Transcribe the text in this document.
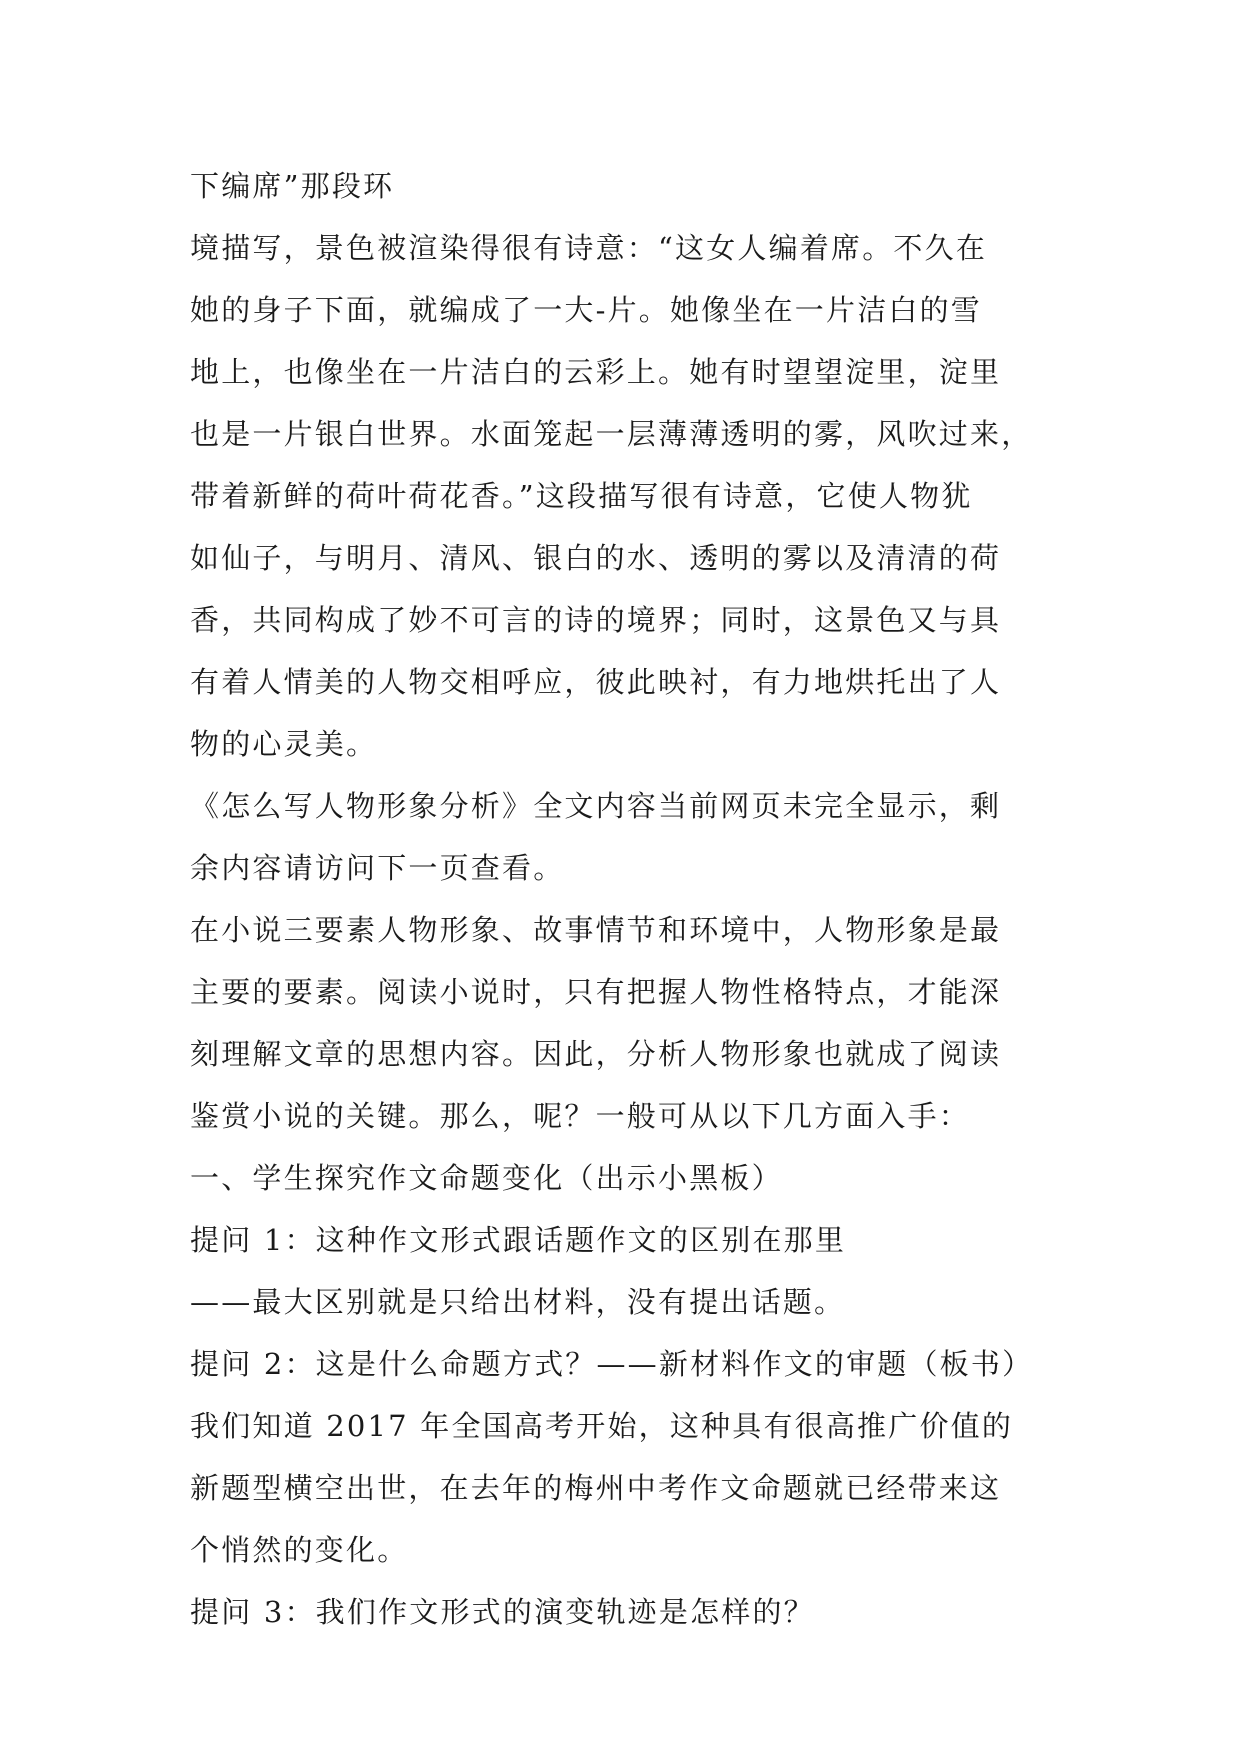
下编席”那段环
境描写，景色被渲染得很有诗意：“这女人编着席。不久在
她的身子下面，就编成了一大-片。她像坐在一片洁白的雪
地上，也像坐在一片洁白的云彩上。她有时望望淀里，淀里
也是一片银白世界。水面笼起一层薄薄透明的雾，风吹过来，
带着新鲜的荷叶荷花香。”这段描写很有诗意，它使人物犹
如仙子，与明月、清风、银白的水、透明的雾以及清清的荷
香，共同构成了妙不可言的诗的境界；同时，这景色又与具
有着人情美的人物交相呼应，彼此映衬，有力地烘托出了人
物的心灵美。
《怎么写人物形象分析》全文内容当前网页未完全显示，剩
余内容请访问下一页查看。
在小说三要素人物形象、故事情节和环境中，人物形象是最
主要的要素。阅读小说时，只有把握人物性格特点，才能深
刻理解文章的思想内容。因此，分析人物形象也就成了阅读
鉴赏小说的关键。那么，呢？一般可从以下几方面入手：
一、学生探究作文命题变化（出示小黑板）
提问 1：这种作文形式跟话题作文的区别在那里
——最大区别就是只给出材料，没有提出话题。
提问 2：这是什么命题方式？——新材料作文的审题（板书）
我们知道 2017 年全国高考开始，这种具有很高推广价值的
新题型横空出世，在去年的梅州中考作文命题就已经带来这
个悄然的变化。
提问 3：我们作文形式的演变轨迹是怎样的？
